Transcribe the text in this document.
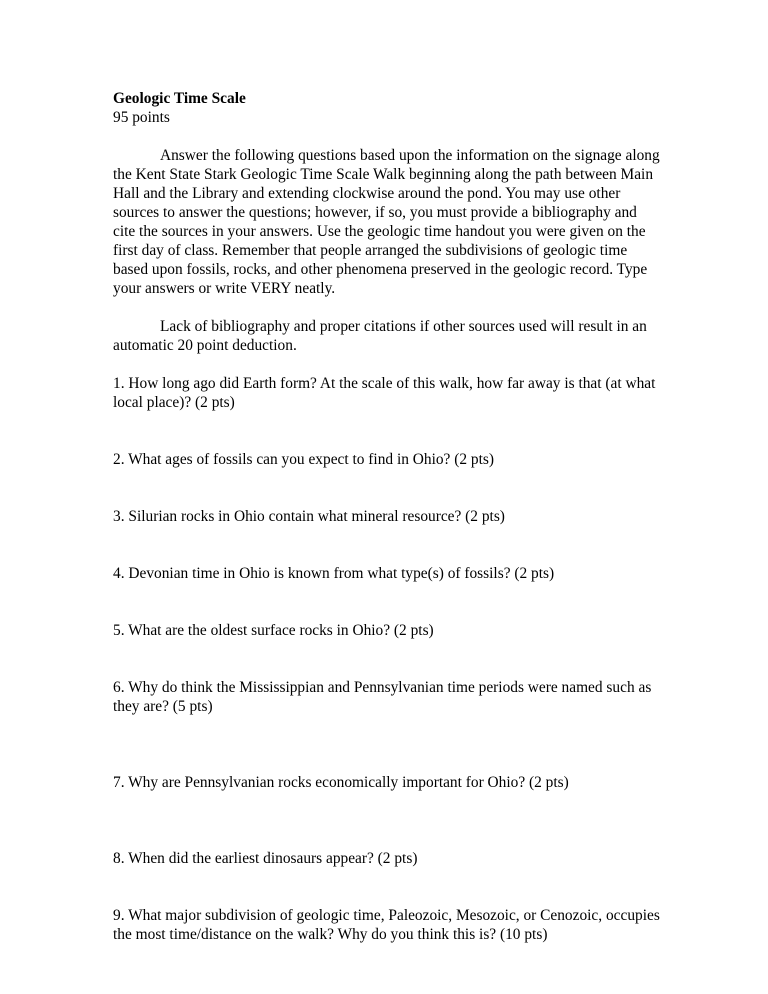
Geologic Time Scale

95 points

Answer the following questions based upon the information on the signage along the Kent State Stark Geologic Time Scale Walk beginning along the path between Main Hall and the Library and extending clockwise around the pond. You may use other sources to answer the questions; however, if so, you must provide a bibliography and cite the sources in your answers. Use the geologic time handout you were given on the first day of class. Remember that people arranged the subdivisions of geologic time based upon fossils, rocks, and other phenomena preserved in the geologic record. Type your answers or write VERY neatly.

Lack of bibliography and proper citations if other sources used will result in an automatic 20 point deduction.

1. How long ago did Earth form? At the scale of this walk, how far away is that (at what local place)? (2 pts)

2. What ages of fossils can you expect to find in Ohio? (2 pts)

3. Silurian rocks in Ohio contain what mineral resource? (2 pts)

4. Devonian time in Ohio is known from what type(s) of fossils? (2 pts)

5. What are the oldest surface rocks in Ohio? (2 pts)

6. Why do think the Mississippian and Pennsylvanian time periods were named such as they are? (5 pts)

7. Why are Pennsylvanian rocks economically important for Ohio? (2 pts)

8. When did the earliest dinosaurs appear? (2 pts)

9. What major subdivision of geologic time, Paleozoic, Mesozoic, or Cenozoic, occupies the most time/distance on the walk? Why do you think this is? (10 pts)
